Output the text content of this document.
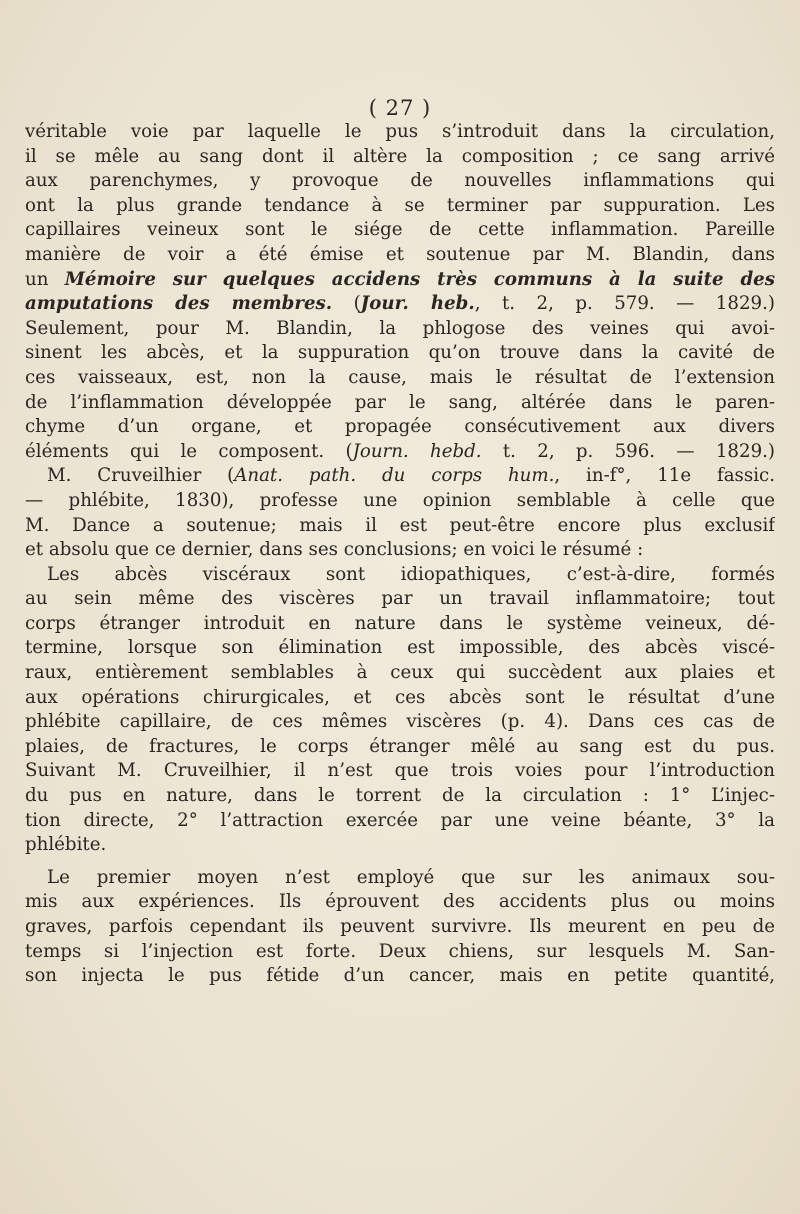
( 27 )
véritable voie par laquelle le pus s’introduit dans la circulation,
il se mêle au sang dont il altère la composition ; ce sang arrivé
aux parenchymes, y provoque de nouvelles inflammations qui
ont la plus grande tendance à se terminer par suppuration. Les
capillaires veineux sont le siége de cette inflammation. Pareille
manière de voir a été émise et soutenue par M. Blandin, dans
un Mémoire sur quelques accidens très communs à la suite des
amputations des membres. (Jour. heb., t. 2, p. 579. — 1829.)
Seulement, pour M. Blandin, la phlogose des veines qui avoi-
sinent les abcès, et la suppuration qu’on trouve dans la cavité de
ces vaisseaux, est, non la cause, mais le résultat de l’extension
de l’inflammation développée par le sang, altérée dans le paren-
chyme d’un organe, et propagée consécutivement aux divers
éléments qui le composent. (Journ. hebd. t. 2, p. 596. — 1829.)
M. Cruveilhier (Anat. path. du corps hum., in-f°, 11e fassic.
— phlébite, 1830), professe une opinion semblable à celle que
M. Dance a soutenue; mais il est peut-être encore plus exclusif
et absolu que ce dernier, dans ses conclusions; en voici le résumé :
Les abcès viscéraux sont idiopathiques, c’est-à-dire, formés
au sein même des viscères par un travail inflammatoire; tout
corps étranger introduit en nature dans le système veineux, dé-
termine, lorsque son élimination est impossible, des abcès viscé-
raux, entièrement semblables à ceux qui succèdent aux plaies et
aux opérations chirurgicales, et ces abcès sont le résultat d’une
phlébite capillaire, de ces mêmes viscères (p. 4). Dans ces cas de
plaies, de fractures, le corps étranger mêlé au sang est du pus.
Suivant M. Cruveilhier, il n’est que trois voies pour l’introduction
du pus en nature, dans le torrent de la circulation : 1° L’injec-
tion directe, 2° l’attraction exercée par une veine béante, 3° la
phlébite.
Le premier moyen n’est employé que sur les animaux sou-
mis aux expériences. Ils éprouvent des accidents plus ou moins
graves, parfois cependant ils peuvent survivre. Ils meurent en peu de
temps si l’injection est forte. Deux chiens, sur lesquels M. San-
son injecta le pus fétide d’un cancer, mais en petite quantité,
